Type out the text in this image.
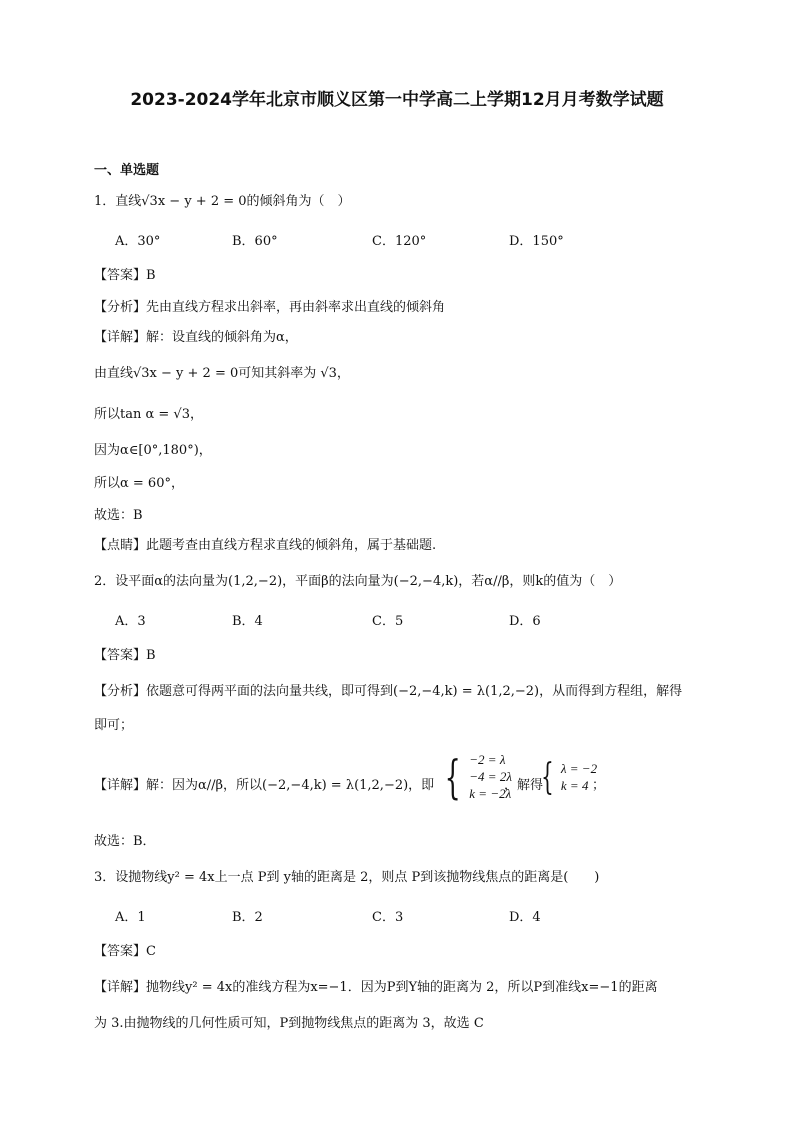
2023-2024学年北京市顺义区第一中学高二上学期12月月考数学试题
一、单选题
1．直线√3x − y + 2 = 0的倾斜角为（　）
A．30°	B．60°	C．120°	D．150°
【答案】B
【分析】先由直线方程求出斜率，再由斜率求出直线的倾斜角
【详解】解：设直线的倾斜角为α，
由直线√3x − y + 2 = 0可知其斜率为 √3，
所以tan α = √3，
因为α∈[0°,180°)，
所以α = 60°，
故选：B
【点睛】此题考查由直线方程求直线的倾斜角，属于基础题.
2．设平面α的法向量为(1,2,−2)，平面β的法向量为(−2,−4,k)，若α//β，则k的值为（　）
A．3	B．4	C．5	D．6
【答案】B
【分析】依题意可得两平面的法向量共线，即可得到(−2,−4,k) = λ(1,2,−2)，从而得到方程组，解得
即可；
【详解】解：因为α//β，所以(−2,−4,k) = λ(1,2,−2)，即 { −2 = λ
−4 = 2λ
k = −2λ
，解得
{ λ = −2
k = 4 ；
故选：B．
3．设抛物线y² = 4x上一点 P到 y轴的距离是 2，则点 P到该抛物线焦点的距离是(　　)
A．1	B．2	C．3	D．4
【答案】C
【详解】抛物线y² = 4x的准线方程为x=−1．因为P到Y轴的距离为 2，所以P到准线x=−1的距离
为 3.由抛物线的几何性质可知，P到抛物线焦点的距离为 3，故选 C
